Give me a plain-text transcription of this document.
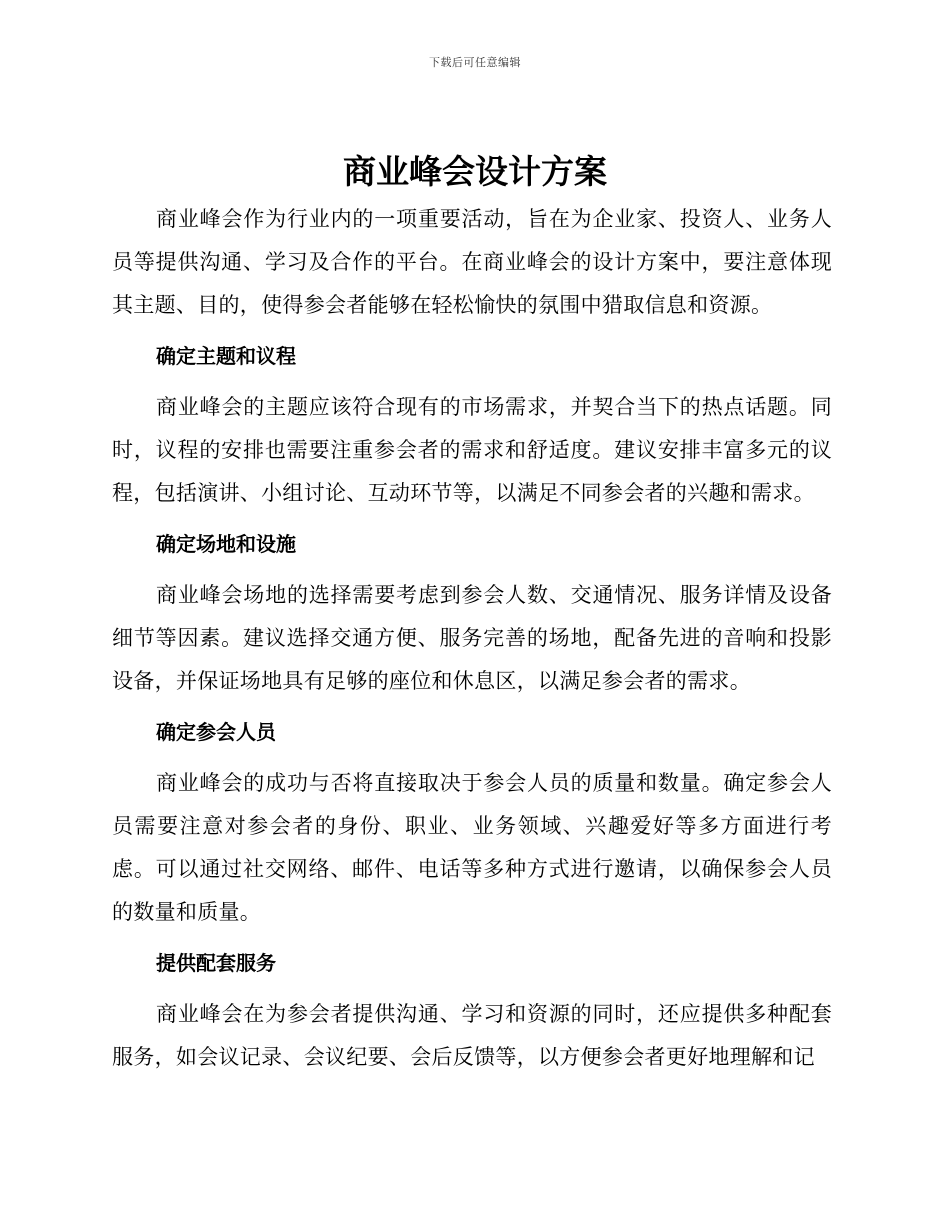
下载后可任意编辑
商业峰会设计方案

商业峰会作为行业内的一项重要活动，旨在为企业家、投资人、业务人员等提供沟通、学习及合作的平台。在商业峰会的设计方案中，要注意体现其主题、目的，使得参会者能够在轻松愉快的氛围中猎取信息和资源。

确定主题和议程

商业峰会的主题应该符合现有的市场需求，并契合当下的热点话题。同时，议程的安排也需要注重参会者的需求和舒适度。建议安排丰富多元的议程，包括演讲、小组讨论、互动环节等，以满足不同参会者的兴趣和需求。

确定场地和设施

商业峰会场地的选择需要考虑到参会人数、交通情况、服务详情及设备细节等因素。建议选择交通方便、服务完善的场地，配备先进的音响和投影设备，并保证场地具有足够的座位和休息区，以满足参会者的需求。

确定参会人员

商业峰会的成功与否将直接取决于参会人员的质量和数量。确定参会人员需要注意对参会者的身份、职业、业务领域、兴趣爱好等多方面进行考虑。可以通过社交网络、邮件、电话等多种方式进行邀请，以确保参会人员的数量和质量。

提供配套服务

商业峰会在为参会者提供沟通、学习和资源的同时，还应提供多种配套服务，如会议记录、会议纪要、会后反馈等，以方便参会者更好地理解和记
